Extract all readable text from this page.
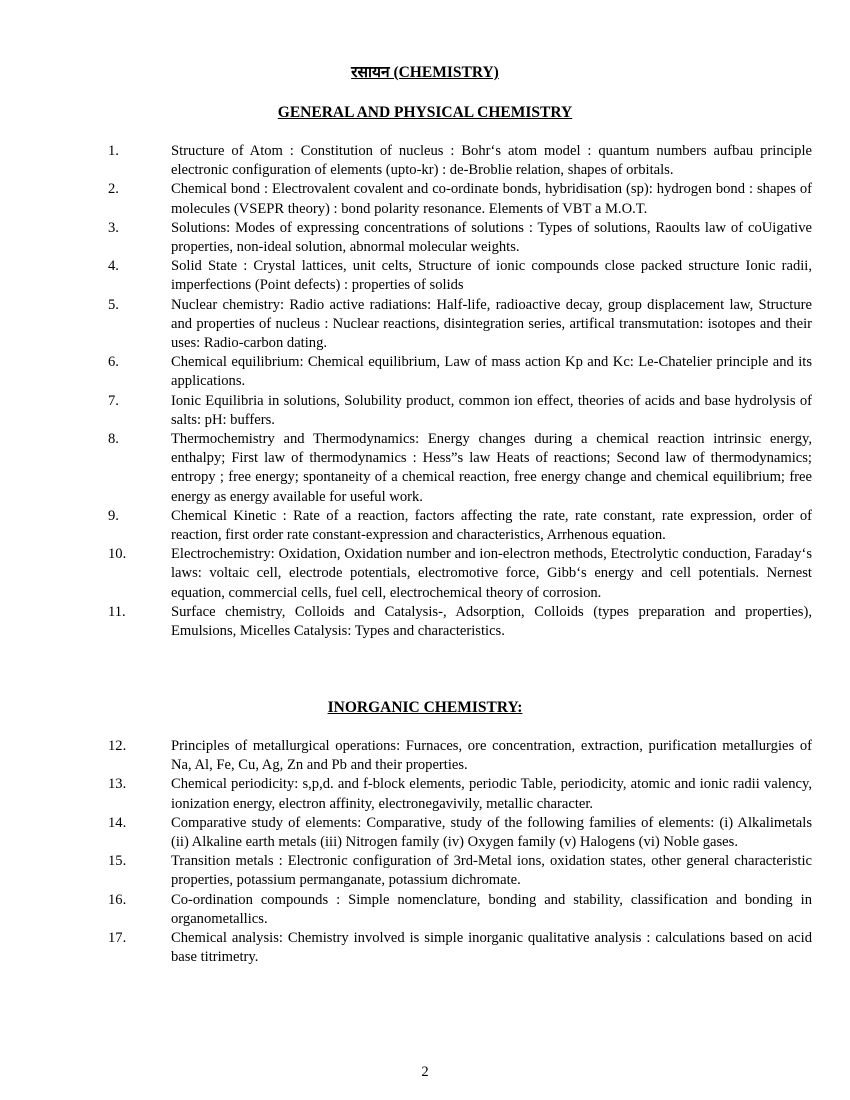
रसायन (CHEMISTRY)
GENERAL AND PHYSICAL CHEMISTRY
1.	Structure of Atom : Constitution of nucleus : Bohr‘s atom model : quantum numbers aufbau principle electronic configuration of elements (upto-kr) : de-Broblie relation, shapes of orbitals.
2.	Chemical bond : Electrovalent covalent and co-ordinate bonds, hybridisation (sp): hydrogen bond : shapes of molecules (VSEPR theory) : bond polarity resonance. Elements of VBT a M.O.T.
3.	Solutions: Modes of expressing concentrations of solutions : Types of solutions, Raoults law of coUigative properties, non-ideal solution, abnormal molecular weights.
4.	Solid State : Crystal lattices, unit celts, Structure of ionic compounds close packed structure Ionic radii, imperfections (Point defects) : properties of solids
5.	Nuclear chemistry: Radio active radiations: Half-life, radioactive decay, group displacement law, Structure and properties of nucleus : Nuclear reactions, disintegration series, artifical transmutation: isotopes and their uses: Radio-carbon dating.
6.	Chemical equilibrium: Chemical equilibrium, Law of mass action Kp and Kc: Le-Chatelier principle and its applications.
7.	Ionic Equilibria in solutions, Solubility product, common ion effect, theories of acids and base hydrolysis of salts: pH: buffers.
8.	Thermochemistry and Thermodynamics: Energy changes during a chemical reaction intrinsic energy, enthalpy; First law of thermodynamics : Hess”s law Heats of reactions; Second law of thermodynamics; entropy ; free energy; spontaneity of a chemical reaction, free energy change and chemical equilibrium; free energy as energy available for useful work.
9.	Chemical Kinetic : Rate of a reaction, factors affecting the rate, rate constant, rate expression, order of reaction, first order rate constant-expression and characteristics, Arrhenous equation.
10.	Electrochemistry: Oxidation, Oxidation number and ion-electron methods, Etectrolytic conduction, Faraday‘s laws: voltaic cell, electrode potentials, electromotive force, Gibb‘s energy and cell potentials. Nernest equation, commercial cells, fuel cell, electrochemical theory of corrosion.
11.	Surface chemistry, Colloids and Catalysis-, Adsorption, Colloids (types preparation and properties), Emulsions, Micelles Catalysis: Types and characteristics.
INORGANIC CHEMISTRY:
12.	Principles of metallurgical operations: Furnaces, ore concentration, extraction, purification metallurgies of Na, Al, Fe, Cu, Ag, Zn and Pb and their properties.
13.	Chemical periodicity: s,p,d. and f-block elements, periodic Table, periodicity, atomic and ionic radii valency, ionization energy, electron affinity, electronegavivily, metallic character.
14.	Comparative study of elements: Comparative, study of the following families of elements: (i) Alkalimetals (ii) Alkaline earth metals (iii) Nitrogen family (iv) Oxygen family (v) Halogens (vi) Noble gases.
15.	Transition metals : Electronic configuration of 3rd-Metal ions, oxidation states, other general characteristic properties, potassium permanganate, potassium dichromate.
16.	Co-ordination compounds : Simple nomenclature, bonding and stability, classification and bonding in organometallics.
17.	Chemical analysis: Chemistry involved is simple inorganic qualitative analysis : calculations based on acid base titrimetry.
2
